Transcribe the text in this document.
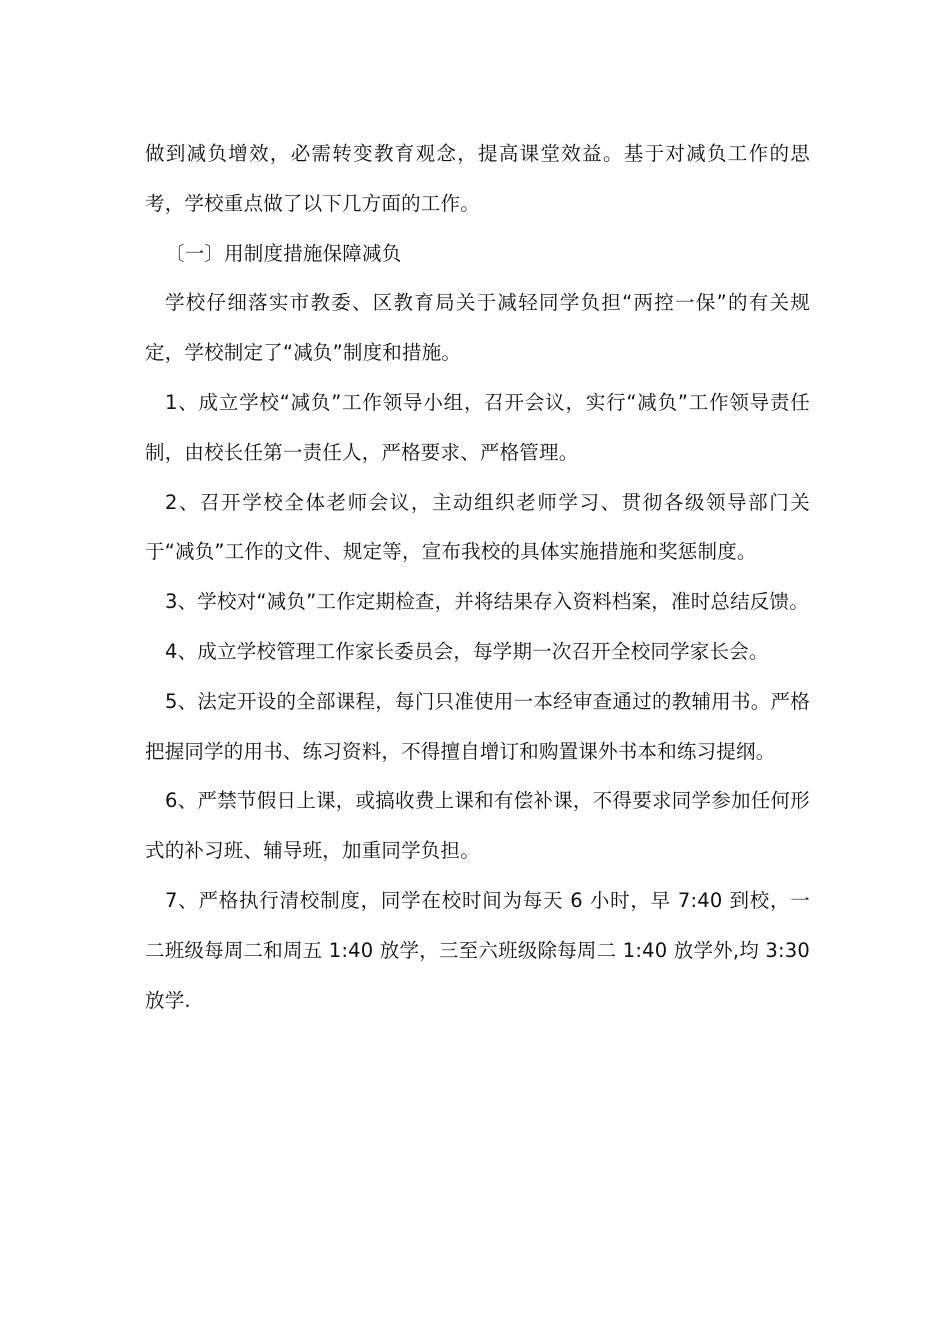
做到减负增效，必需转变教育观念，提高课堂效益。基于对减负工作的思考，学校重点做了以下几方面的工作。

〔一〕用制度措施保障减负

学校仔细落实市教委、区教育局关于减轻同学负担“两控一保”的有关规定，学校制定了“减负”制度和措施。

1、成立学校“减负”工作领导小组，召开会议，实行“减负”工作领导责任制，由校长任第一责任人，严格要求、严格管理。

2、召开学校全体老师会议，主动组织老师学习、贯彻各级领导部门关于“减负”工作的文件、规定等，宣布我校的具体实施措施和奖惩制度。

3、学校对“减负”工作定期检查，并将结果存入资料档案，准时总结反馈。

4、成立学校管理工作家长委员会，每学期一次召开全校同学家长会。

5、法定开设的全部课程，每门只准使用一本经审查通过的教辅用书。严格把握同学的用书、练习资料，不得擅自增订和购置课外书本和练习提纲。

6、严禁节假日上课，或搞收费上课和有偿补课，不得要求同学参加任何形式的补习班、辅导班，加重同学负担。

7、严格执行清校制度，同学在校时间为每天 6 小时，早 7:40 到校，一二班级每周二和周五 1:40 放学，三至六班级除每周二 1:40 放学外,均 3:30 放学.
